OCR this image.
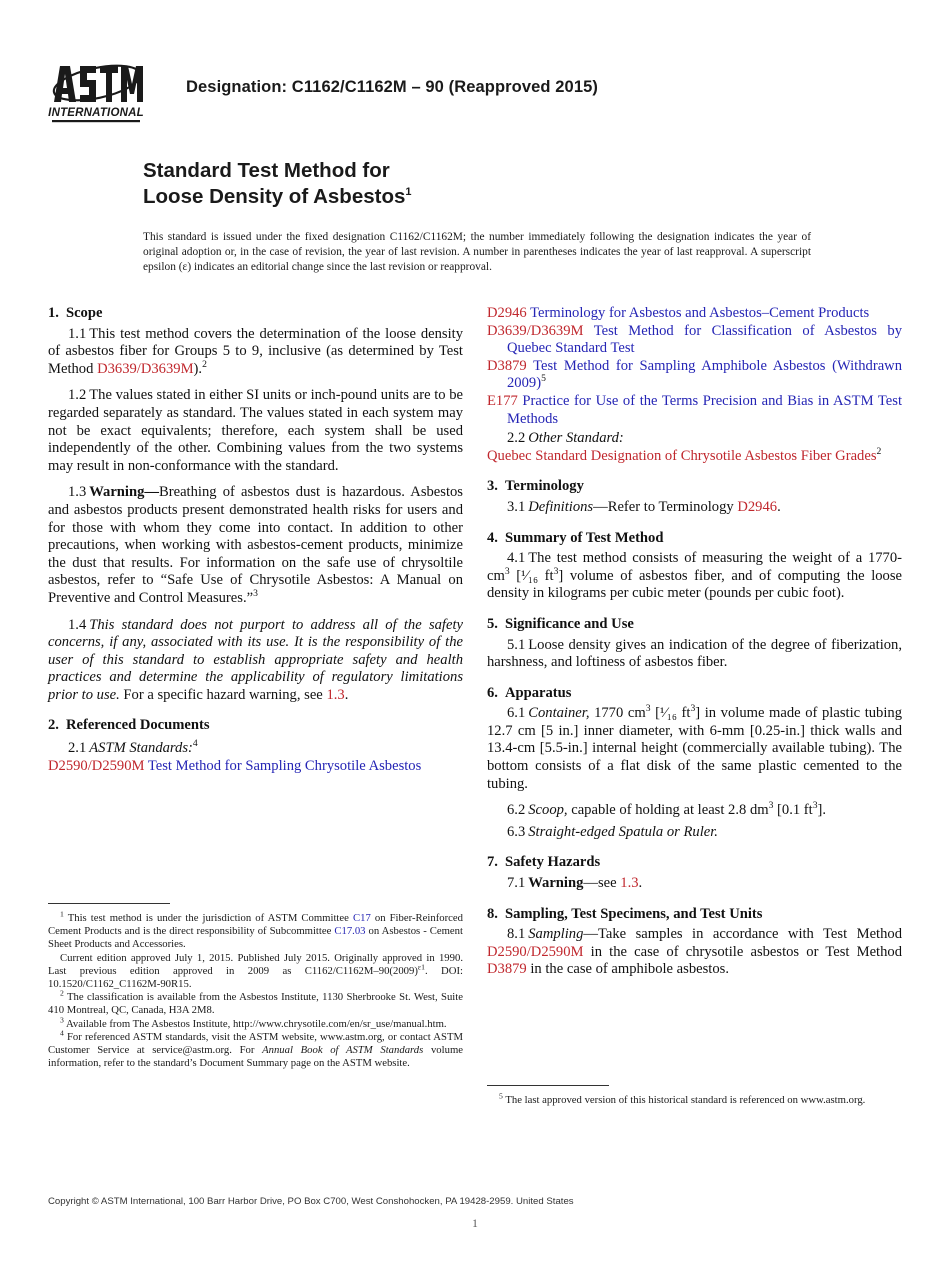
INTERNATIONAL
Designation: C1162/C1162M – 90 (Reapproved 2015)
Standard Test Method for
Loose Density of Asbestos$^1$
This standard is issued under the fixed designation C1162/C1162M; the number immediately following the designation indicates the year of original adoption or, in the case of revision, the year of last revision. A number in parentheses indicates the year of last reapproval. A superscript epsilon (ε) indicates an editorial change since the last revision or reapproval.
1. Scope

1.1 This test method covers the determination of the loose density of asbestos fiber for Groups 5 to 9, inclusive (as determined by Test Method D3639/D3639M).$^2$

1.2 The values stated in either SI units or inch-pound units are to be regarded separately as standard. The values stated in each system may not be exact equivalents; therefore, each system shall be used independently of the other. Combining values from the two systems may result in non-conformance with the standard.

1.3 Warning—Breathing of asbestos dust is hazardous. Asbestos and asbestos products present demonstrated health risks for users and for those with whom they come into contact. In addition to other precautions, when working with asbestos-cement products, minimize the dust that results. For information on the safe use of chrysoltile asbestos, refer to “Safe Use of Chrysotile Asbestos: A Manual on Preventive and Control Measures.”$^3$

1.4 This standard does not purport to address all of the safety concerns, if any, associated with its use. It is the responsibility of the user of this standard to establish appropriate safety and health practices and determine the applicability of regulatory limitations prior to use. For a specific hazard warning, see 1.3.

2. Referenced Documents
2.1 ASTM Standards:$^4$
D2590/D2590M Test Method for Sampling Chrysotile Asbestos
D2946 Terminology for Asbestos and Asbestos–Cement Products
D3639/D3639M Test Method for Classification of Asbestos by Quebec Standard Test
D3879 Test Method for Sampling Amphibole Asbestos (Withdrawn 2009)$^5$
E177 Practice for Use of the Terms Precision and Bias in ASTM Test Methods
2.2 Other Standard:
Quebec Standard Designation of Chrysotile Asbestos Fiber Grades$^2$
3. Terminology

3.1 Definitions—Refer to Terminology D2946.

4. Summary of Test Method

4.1 The test method consists of measuring the weight of a $1770-cm^3$ [¹⁄₁₆ $ft^3$] volume of asbestos fiber, and of computing the loose density in kilograms per cubic meter (pounds per cubic foot).

5. Significance and Use

5.1 Loose density gives an indication of the degree of fiberization, harshness, and loftiness of asbestos fiber.

6. Apparatus

6.1 Container, 1770 $cm^3$ [¹⁄₁₆ $ft^3$] in volume made of plastic tubing 12.7 cm [5 in.] inner diameter, with 6-mm [0.25-in.] thick walls and 13.4-cm [5.5-in.] internal height (commercially available tubing). The bottom consists of a flat disk of the same plastic cemented to the tubing.

6.2 Scoop, capable of holding at least 2.8 $dm^3$ [0.1 $ft^3$].

6.3 Straight-edged Spatula or Ruler.

7. Safety Hazards

7.1 Warning—see 1.3.

8. Sampling, Test Specimens, and Test Units

8.1 Sampling—Take samples in accordance with Test Method D2590/D2590M in the case of chrysotile asbestos or Test Method D3879 in the case of amphibole asbestos.

$^1$ This test method is under the jurisdiction of ASTM Committee C17 on Fiber-Reinforced Cement Products and is the direct responsibility of Subcommittee C17.03 on Asbestos - Cement Sheet Products and Accessories.

Current edition approved July 1, 2015. Published July 2015. Originally approved in 1990. Last previous edition approved in 2009 as $C1162/C1162M-90(2009)^{\varepsilon 1}$. DOI: 10.1520/C1162_C1162M-90R15.

$^2$ The classification is available from the Asbestos Institute, 1130 Sherbrooke St. West, Suite 410 Montreal, QC, Canada, H3A 2M8.

$^3$ Available from The Asbestos Institute, http://www.chrysotile.com/en/sr_use/manual.htm.

$^4$ For referenced ASTM standards, visit the ASTM website, www.astm.org, or contact ASTM Customer Service at service@astm.org. For Annual Book of ASTM Standards volume information, refer to the standard’s Document Summary page on the ASTM website.

$^5$ The last approved version of this historical standard is referenced on www.astm.org.

Copyright © ASTM International, 100 Barr Harbor Drive, PO Box C700, West Conshohocken, PA 19428-2959. United States
1
